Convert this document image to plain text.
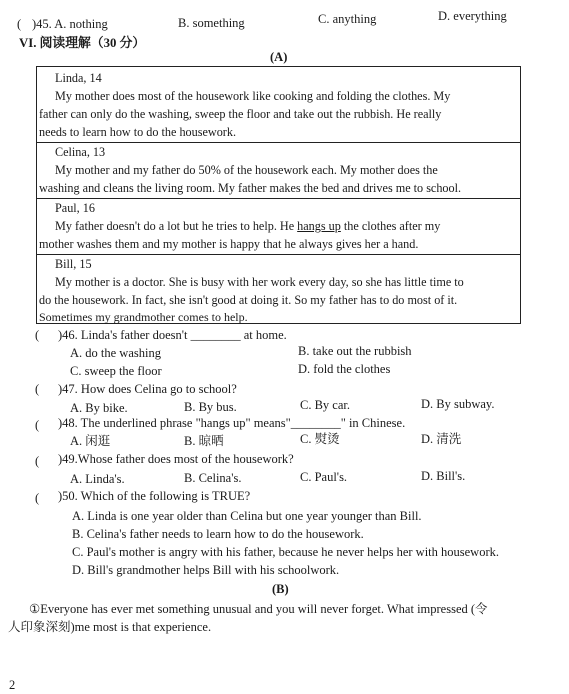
( )45. A. nothing	B. something	C. anything	D. everything
VI. 阅读理解（30 分）
(A)
Linda, 14
My mother does most of the housework like cooking and folding the clothes. My
father can only do the washing, sweep the floor and take out the rubbish. He really
needs to learn how to do the housework.
Celina, 13
My mother and my father do 50% of the housework each. My mother does the
washing and cleans the living room. My father makes the bed and drives me to school.
Paul, 16
My father doesn't do a lot but he tries to help. He hangs up the clothes after my
mother washes them and my mother is happy that he always gives her a hand.
Bill, 15
My mother is a doctor. She is busy with her work every day, so she has little time to
do the housework. In fact, she isn't good at doing it. So my father has to do most of it.
Sometimes my grandmother comes to help.
( )46. Linda's father doesn't ________ at home.
A. do the washing	B. take out the rubbish
C. sweep the floor	D. fold the clothes
( )47. How does Celina go to school?
A. By bike.	B. By bus.	C. By car.	D. By subway.
( )48. The underlined phrase "hangs up" means"________" in Chinese.
A. 闲逛	B. 晾晒	C. 熨烫	D. 清洗
( )49.Whose father does most of the housework?
A. Linda's.	B. Celina's.	C. Paul's.	D. Bill's.
( )50. Which of the following is TRUE?
A. Linda is one year older than Celina but one year younger than Bill.
B. Celina's father needs to learn how to do the housework.
C. Paul's mother is angry with his father, because he never helps her with housework.
D. Bill's grandmother helps Bill with his schoolwork.
(B)
①Everyone has ever met something unusual and you will never forget. What impressed (令
人印象深刻)me most is that experience.
2
